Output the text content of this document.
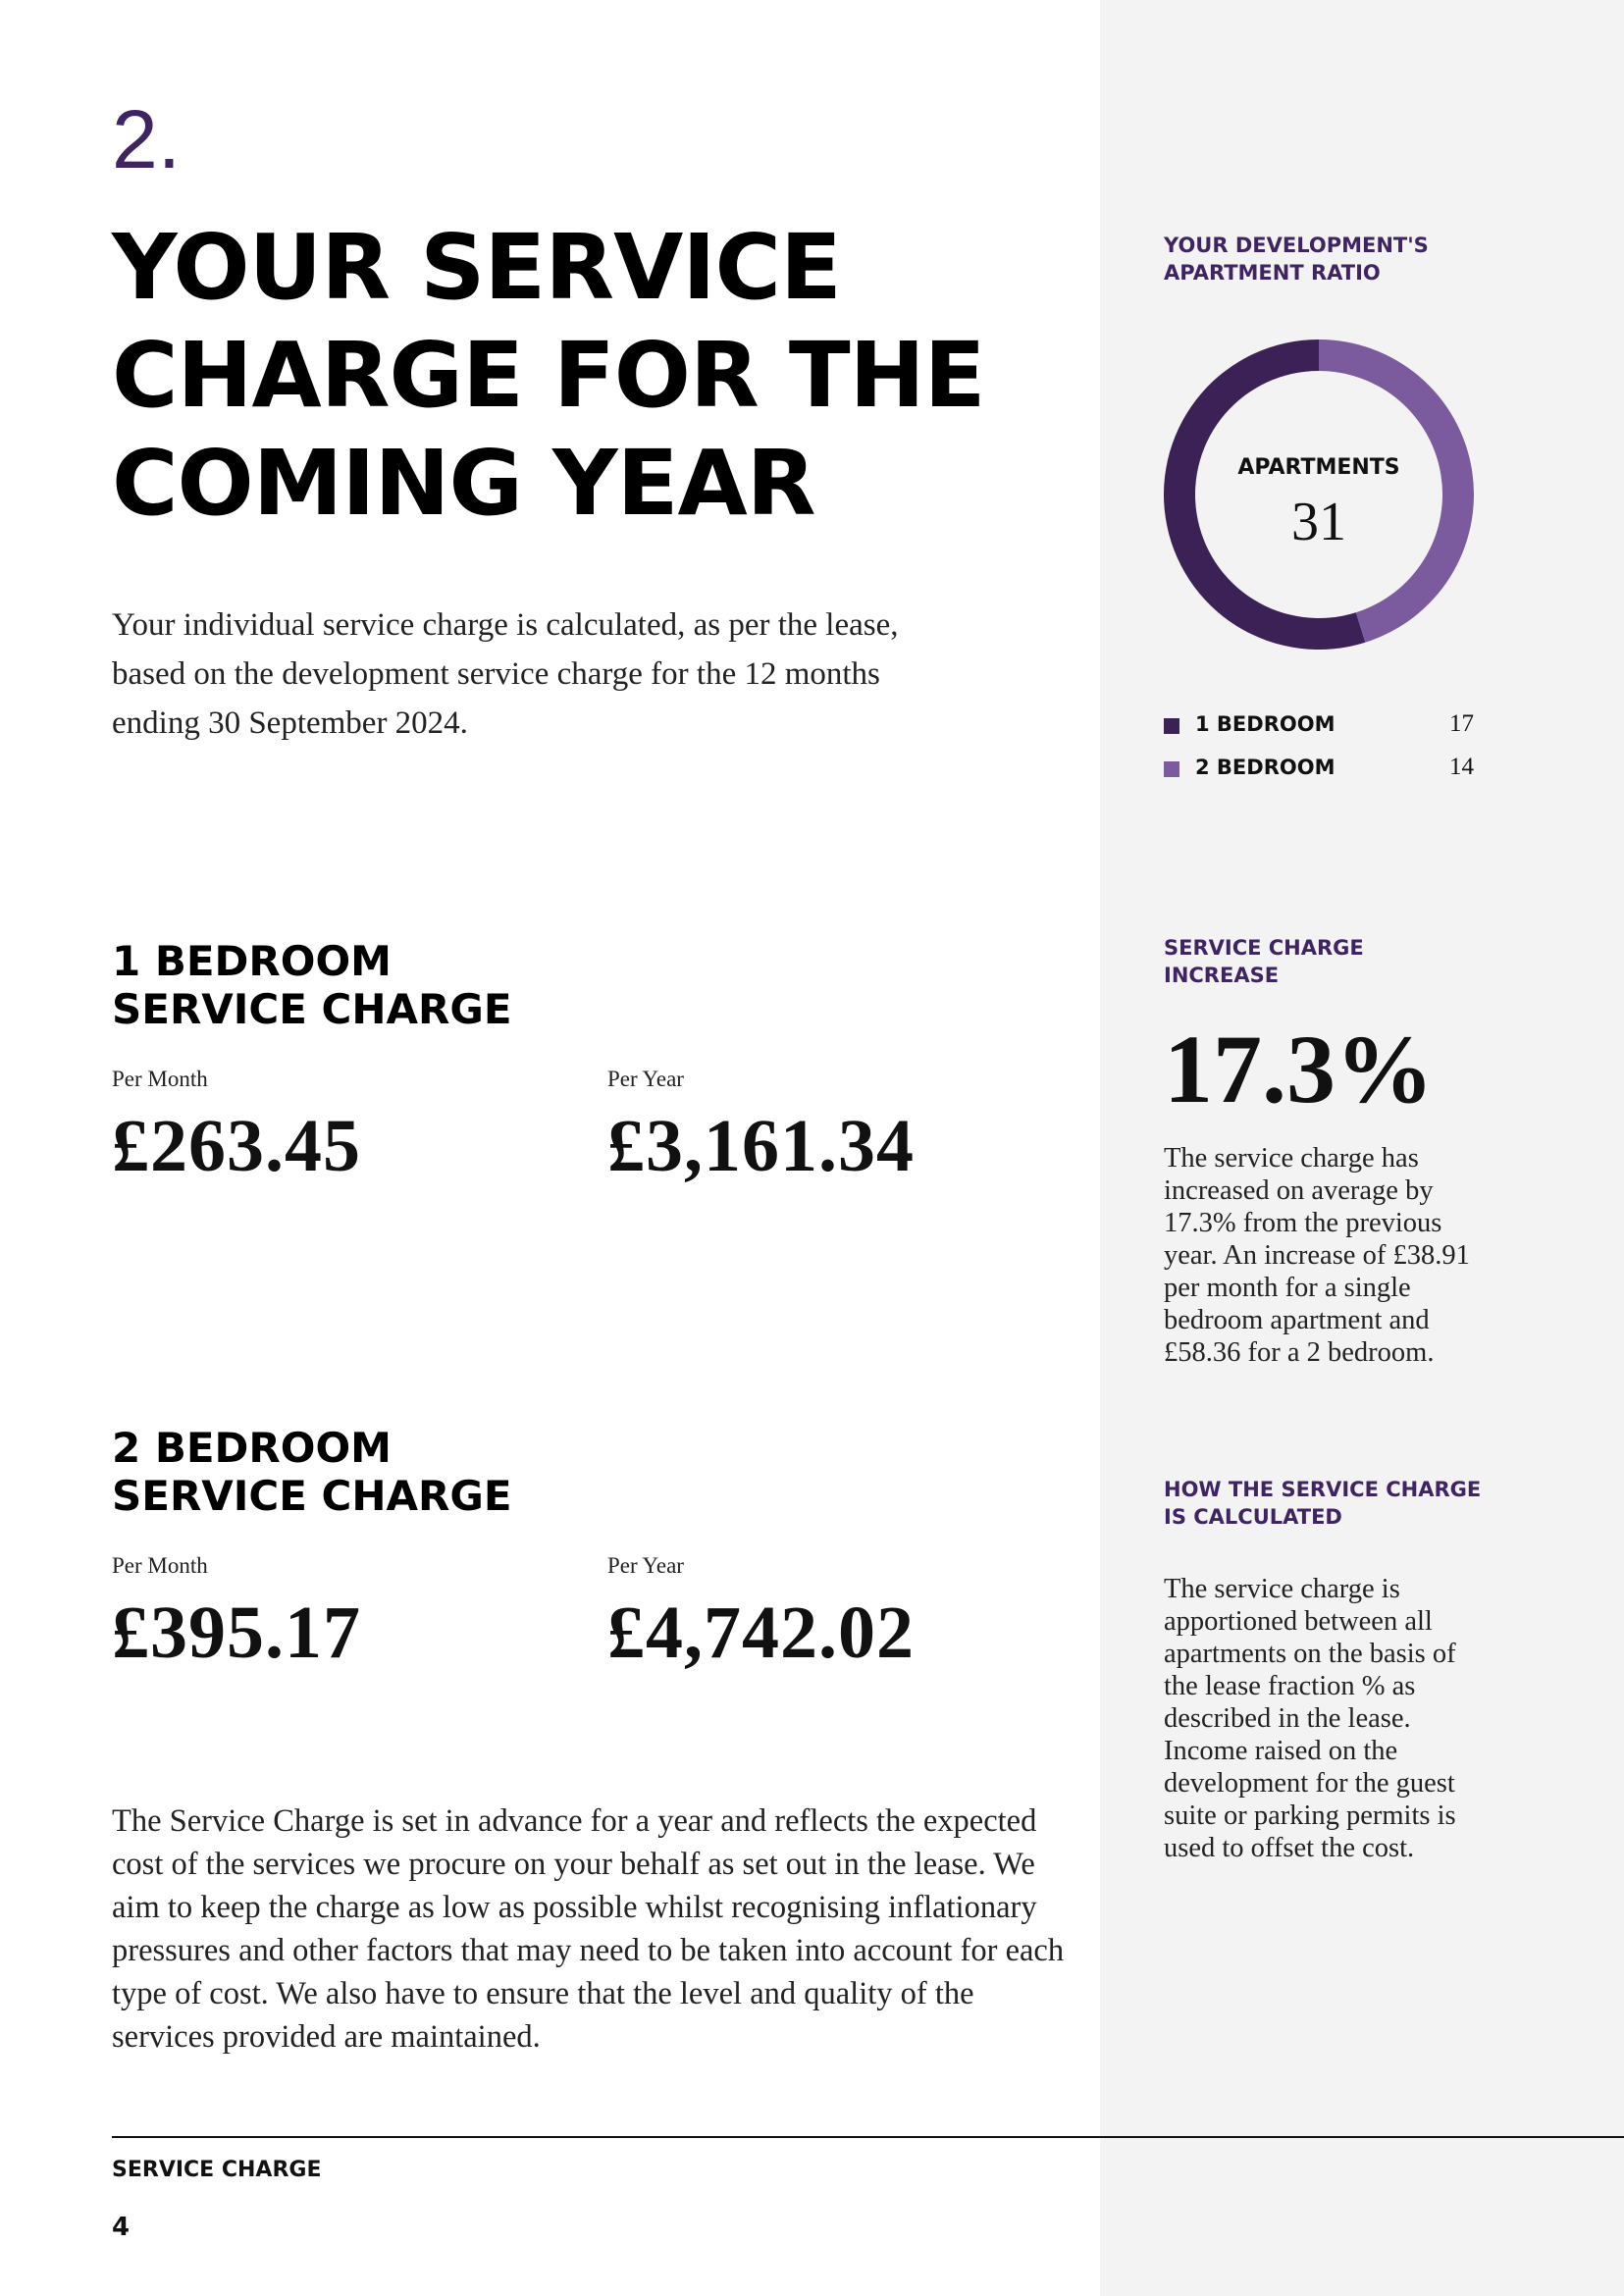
2.
YOUR SERVICE
CHARGE FOR THE
COMING YEAR

Your individual service charge is calculated, as per the lease, based on the development service charge for the 12 months ending 30 September 2024.

1 BEDROOM
SERVICE CHARGE
Per Month
£263.45
Per Year
£3,161.34
2 BEDROOM
SERVICE CHARGE
Per Month
£395.17
Per Year
£4,742.02

The Service Charge is set in advance for a year and reflects the expected cost of the services we procure on your behalf as set out in the lease. We aim to keep the charge as low as possible whilst recognising inflationary pressures and other factors that may need to be taken into account for each type of cost. We also have to ensure that the level and quality of the services provided are maintained.

SERVICE CHARGE
4
YOUR DEVELOPMENT'S
APARTMENT RATIO
APARTMENTS
31
1 BEDROOM	17
2 BEDROOM	14
SERVICE CHARGE
INCREASE
17.3%

The service charge has increased on average by 17.3% from the previous year. An increase of £38.91 per month for a single bedroom apartment and £58.36 for a 2 bedroom.

HOW THE SERVICE CHARGE
IS CALCULATED

The service charge is apportioned between all apartments on the basis of the lease fraction % as described in the lease. Income raised on the development for the guest suite or parking permits is used to offset the cost.
